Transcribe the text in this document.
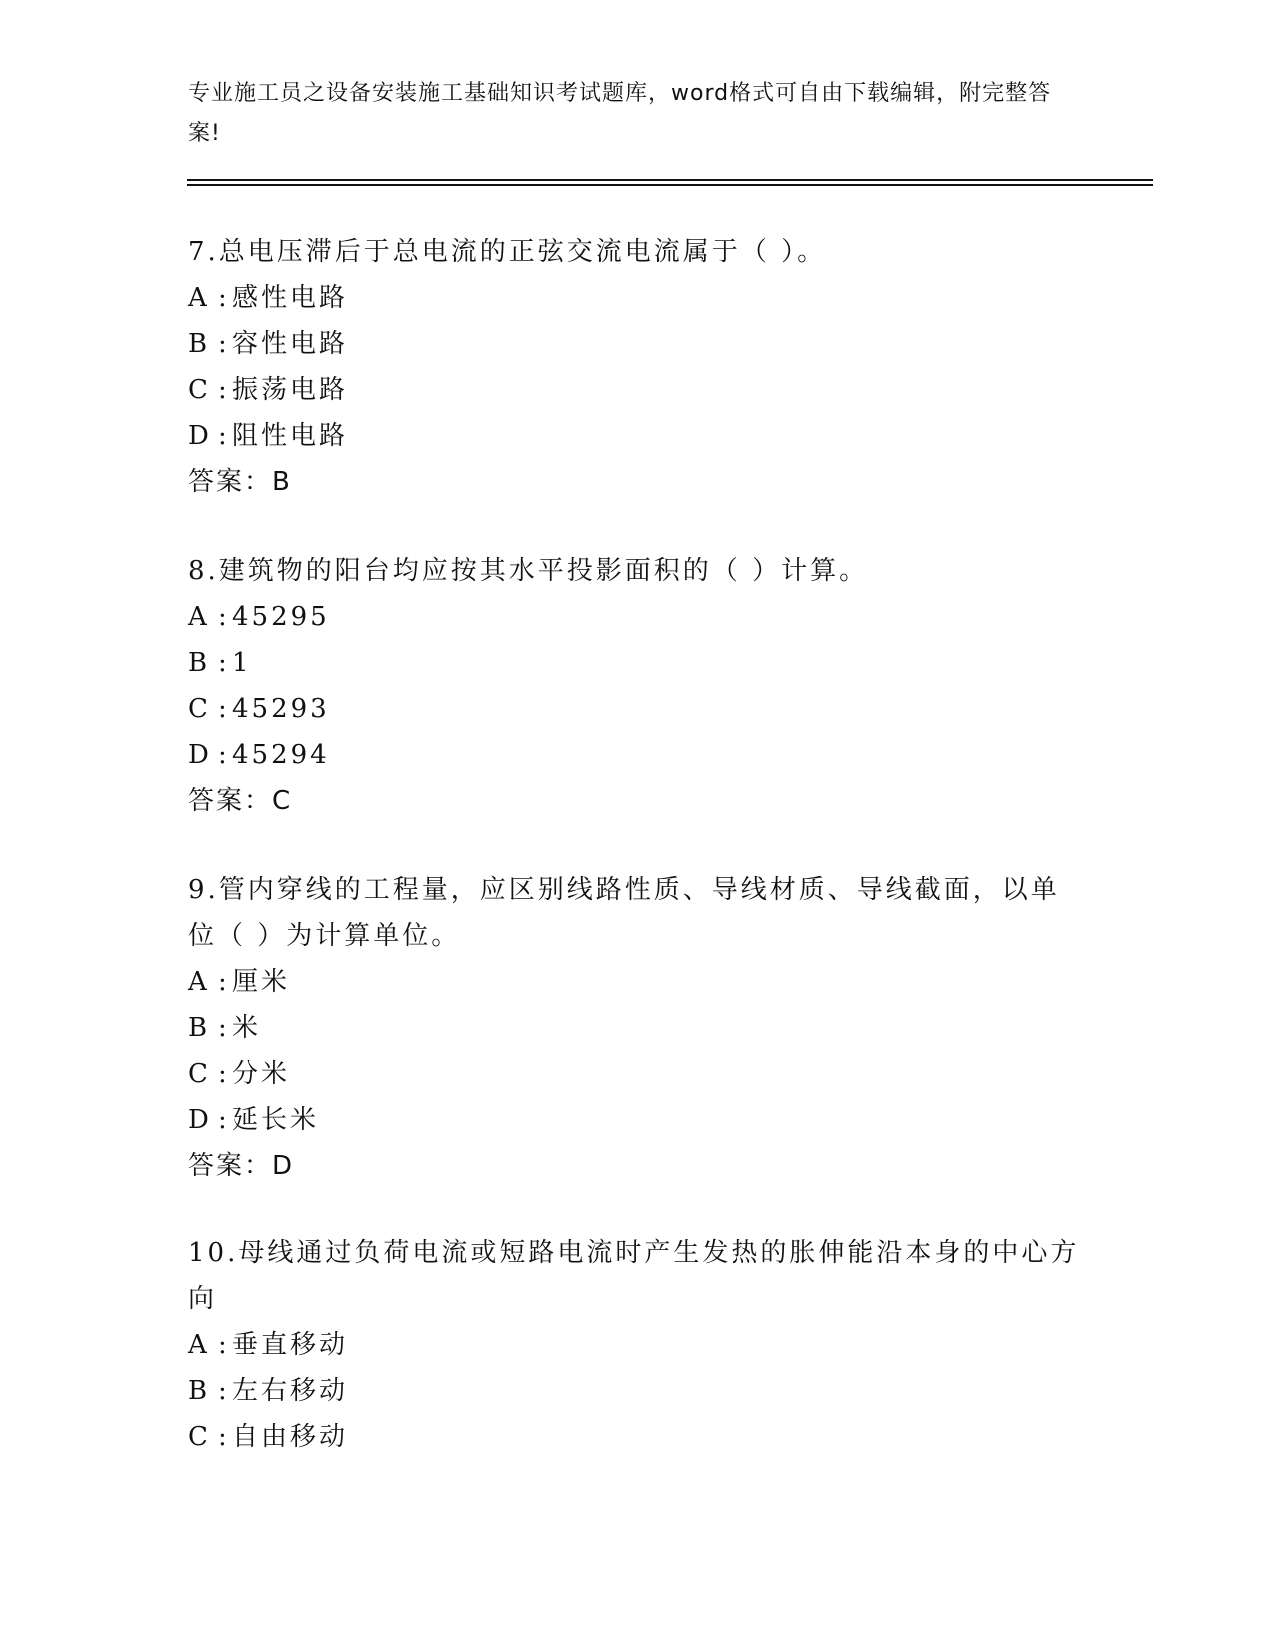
专业施工员之设备安装施工基础知识考试题库，word格式可自由下载编辑，附完整答案!
7.总电压滞后于总电流的正弦交流电流属于（ ）。
A :感性电路
B :容性电路
C :振荡电路
D :阻性电路
答案：B
8.建筑物的阳台均应按其水平投影面积的（ ）计算。
A :45295
B :1
C :45293
D :45294
答案：C
9.管内穿线的工程量，应区别线路性质、导线材质、导线截面，以单位（ ）为计算单位。
A :厘米
B :米
C :分米
D :延长米
答案：D
10.母线通过负荷电流或短路电流时产生发热的胀伸能沿本身的中心方向
A :垂直移动
B :左右移动
C :自由移动
